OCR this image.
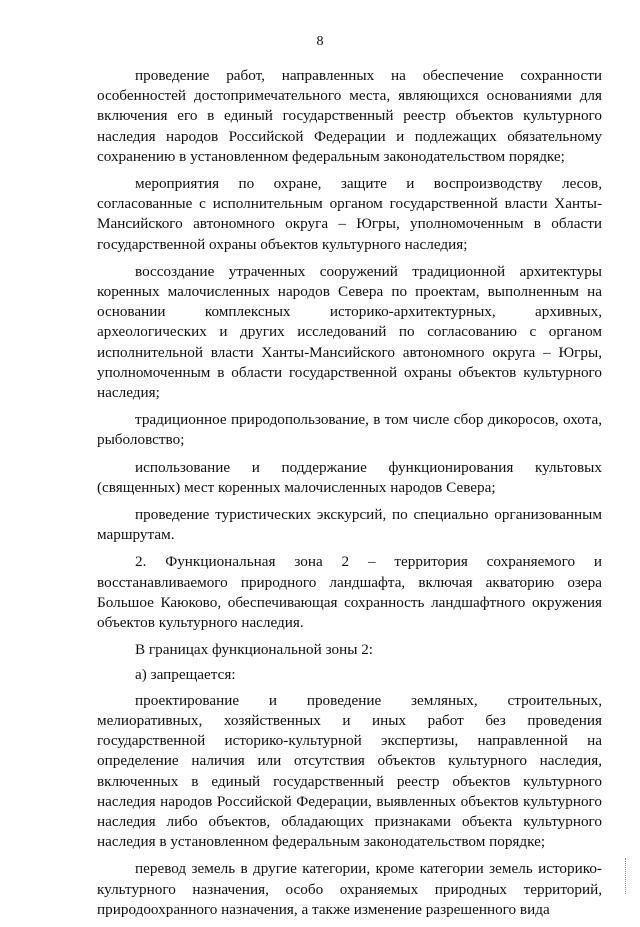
8

проведение работ, направленных на обеспечение сохранности особенностей достопримечательного места, являющихся основаниями для включения его в единый государственный реестр объектов культурного наследия народов Российской Федерации и подлежащих обязательному сохранению в установленном федеральным законодательством порядке;

мероприятия по охране, защите и воспроизводству лесов, согласованные с исполнительным органом государственной власти Ханты-Мансийского автономного округа – Югры, уполномоченным в области государственной охраны объектов культурного наследия;

воссоздание утраченных сооружений традиционной архитектуры коренных малочисленных народов Севера по проектам, выполненным на основании комплексных историко-архитектурных, архивных, археологических и других исследований по согласованию с органом исполнительной власти Ханты-Мансийского автономного округа – Югры, уполномоченным в области государственной охраны объектов культурного наследия;

традиционное природопользование, в том числе сбор дикоросов, охота, рыболовство;

использование и поддержание функционирования культовых (священных) мест коренных малочисленных народов Севера;

проведение туристических экскурсий, по специально организованным маршрутам.

2. Функциональная зона 2 – территория сохраняемого и восстанавливаемого природного ландшафта, включая акваторию озера Большое Каюково, обеспечивающая сохранность ландшафтного окружения объектов культурного наследия.

В границах функциональной зоны 2:

а) запрещается:

проектирование и проведение земляных, строительных, мелиоративных, хозяйственных и иных работ без проведения государственной историко-культурной экспертизы, направленной на определение наличия или отсутствия объектов культурного наследия, включенных в единый государственный реестр объектов культурного наследия народов Российской Федерации, выявленных объектов культурного наследия либо объектов, обладающих признаками объекта культурного наследия в установленном федеральным законодательством порядке;

перевод земель в другие категории, кроме категории земель историко-культурного назначения, особо охраняемых природных территорий, природоохранного назначения, а также изменение разрешенного вида
